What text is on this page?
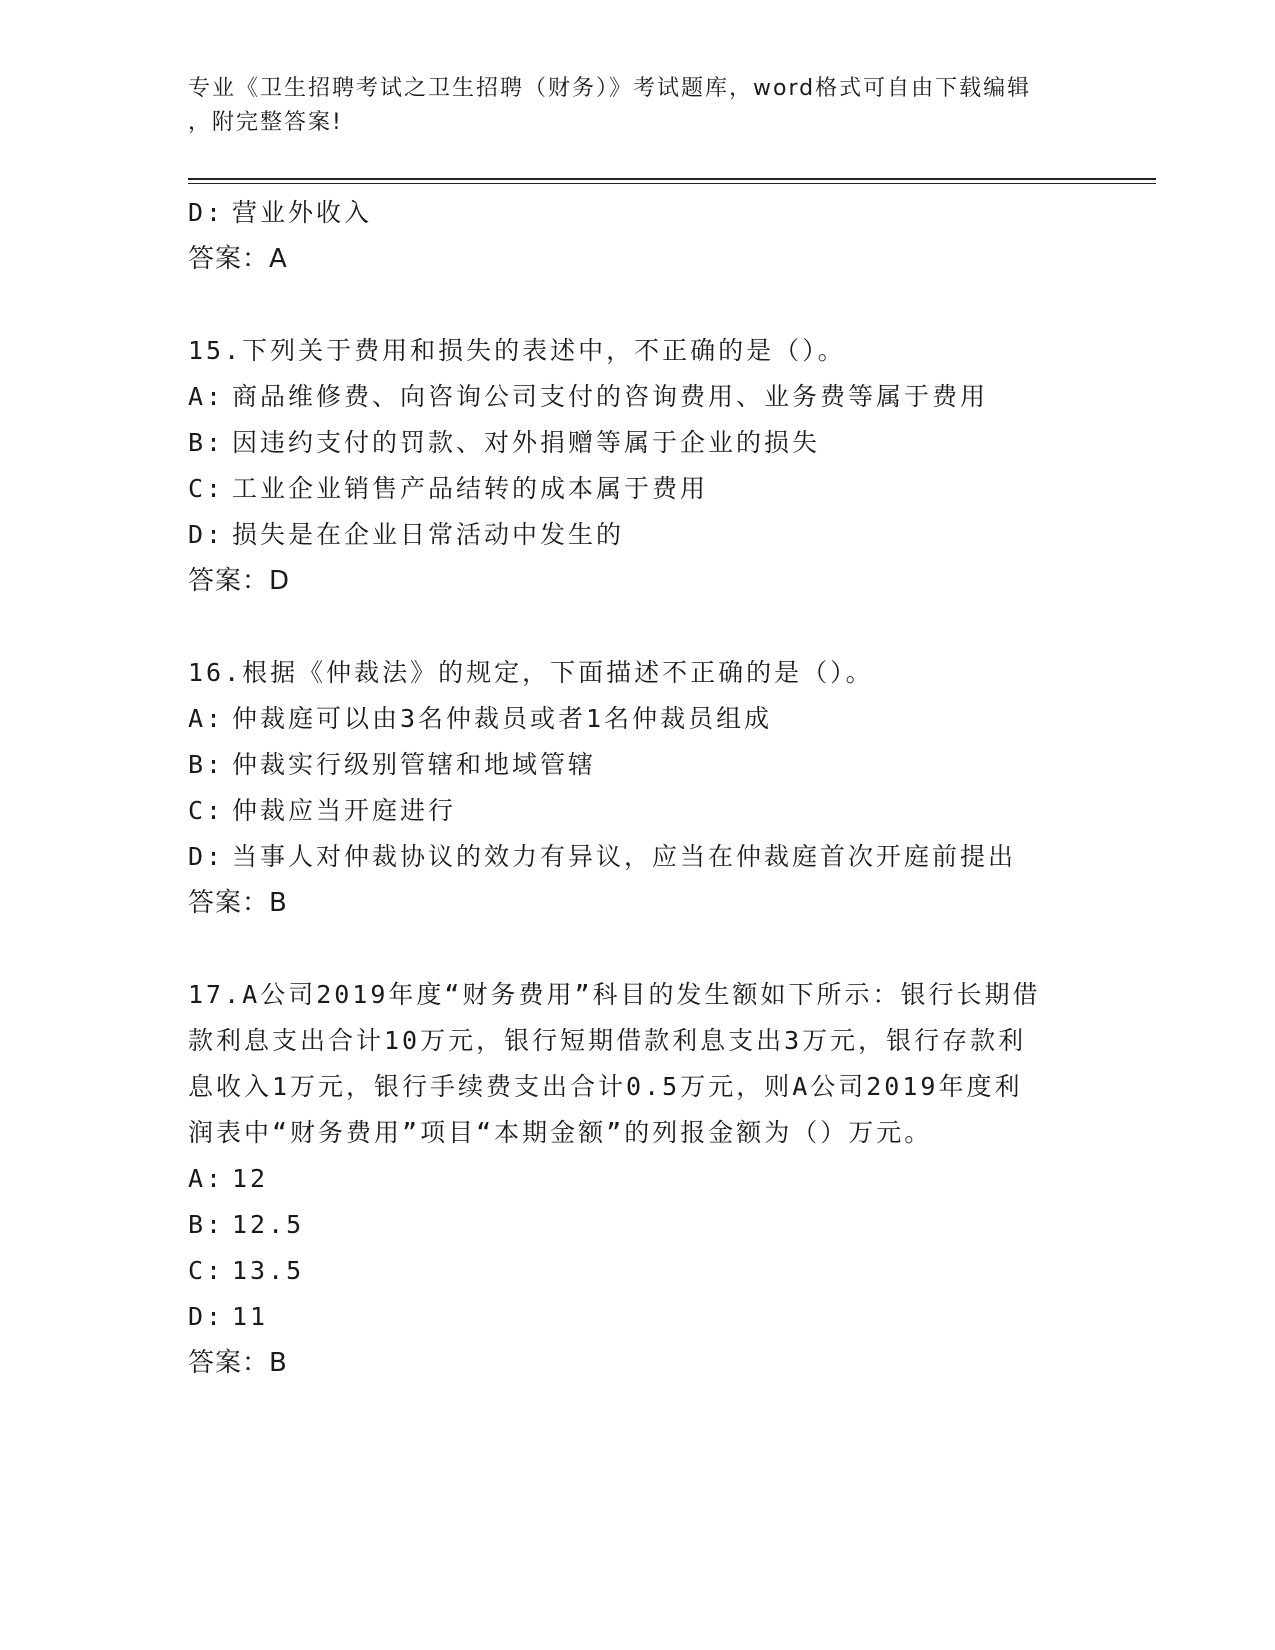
专业《卫生招聘考试之卫生招聘（财务）》考试题库，word格式可自由下载编辑
，附完整答案!
D: 营业外收入
答案：A
15.下列关于费用和损失的表述中，不正确的是（）。
A: 商品维修费、向咨询公司支付的咨询费用、业务费等属于费用
B: 因违约支付的罚款、对外捐赠等属于企业的损失
C: 工业企业销售产品结转的成本属于费用
D: 损失是在企业日常活动中发生的
答案：D
16.根据《仲裁法》的规定，下面描述不正确的是（）。
A: 仲裁庭可以由3名仲裁员或者1名仲裁员组成
B: 仲裁实行级别管辖和地域管辖
C: 仲裁应当开庭进行
D: 当事人对仲裁协议的效力有异议，应当在仲裁庭首次开庭前提出
答案：B
17.A公司2019年度“财务费用”科目的发生额如下所示：银行长期借
款利息支出合计10万元，银行短期借款利息支出3万元，银行存款利
息收入1万元，银行手续费支出合计0.5万元，则A公司2019年度利
润表中“财务费用”项目“本期金额”的列报金额为（）万元。
A: 12
B: 12.5
C: 13.5
D: 11
答案：B
